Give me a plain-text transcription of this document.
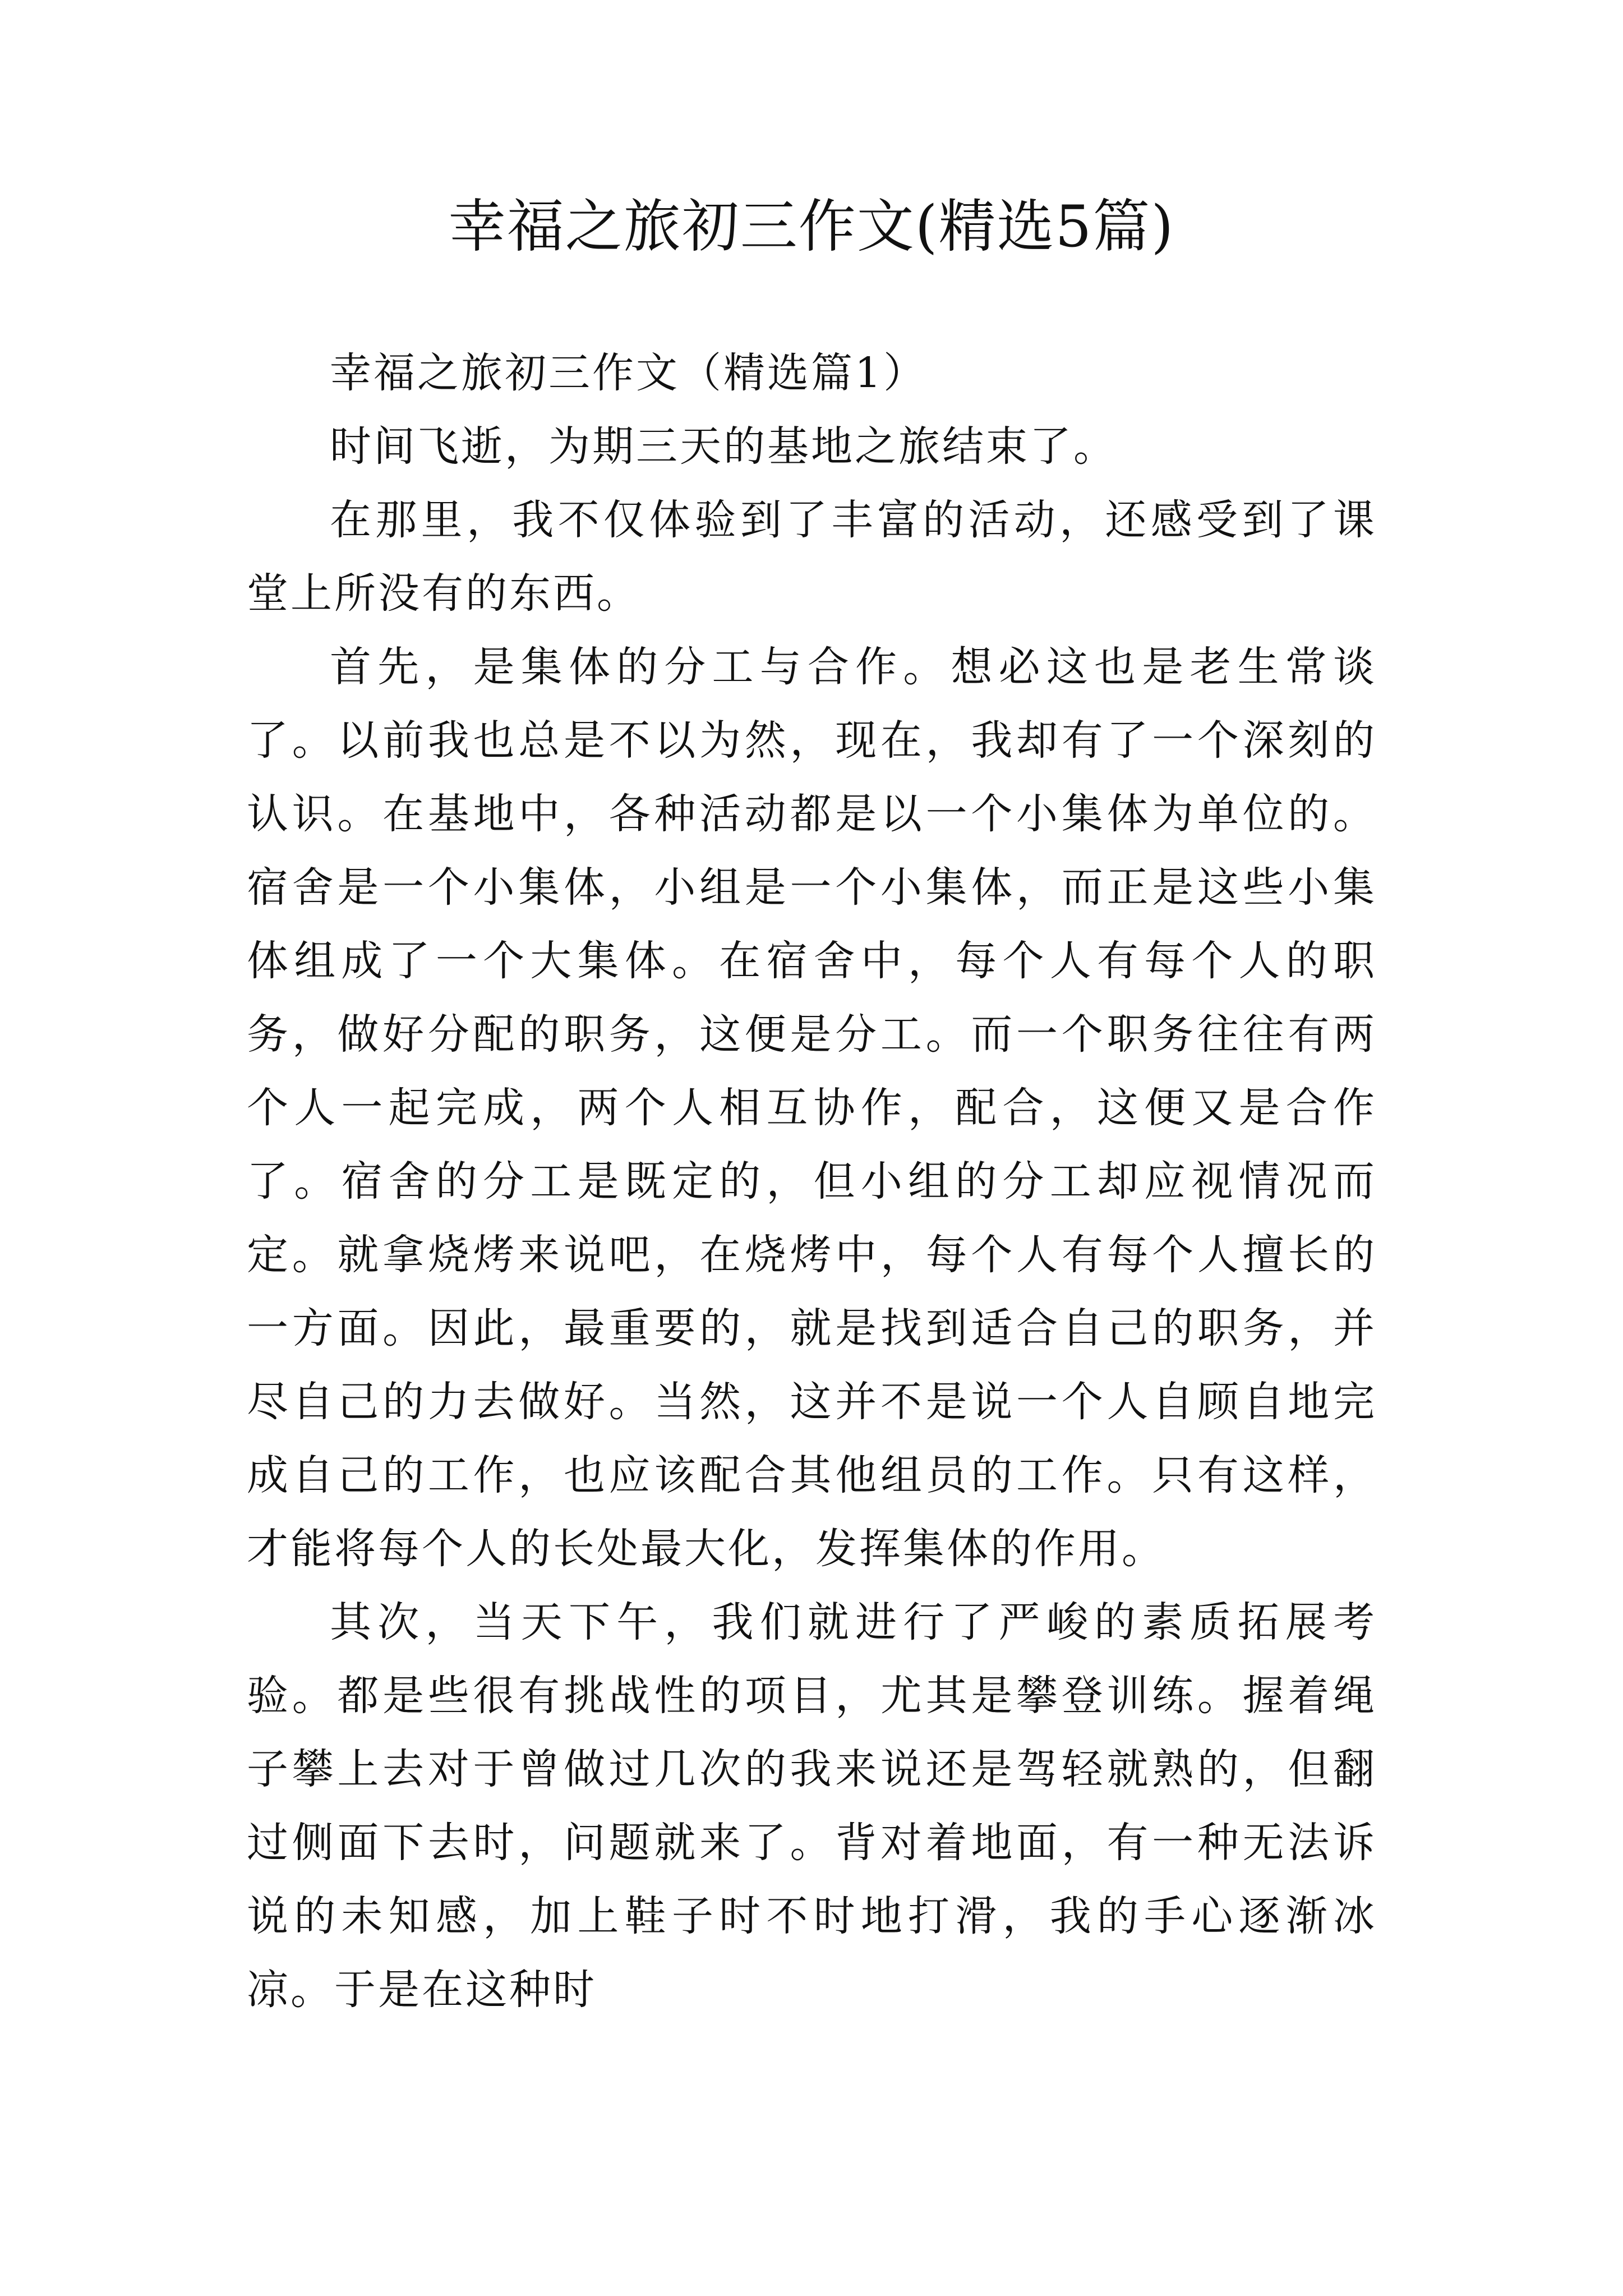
幸福之旅初三作文(精选5篇)

幸福之旅初三作文（精选篇1）

时间飞逝，为期三天的基地之旅结束了。

在那里，我不仅体验到了丰富的活动，还感受到了课堂上所没有的东西。

首先，是集体的分工与合作。想必这也是老生常谈了。以前我也总是不以为然，现在，我却有了一个深刻的认识。在基地中，各种活动都是以一个小集体为单位的。宿舍是一个小集体，小组是一个小集体，而正是这些小集体组成了一个大集体。在宿舍中，每个人有每个人的职务，做好分配的职务，这便是分工。而一个职务往往有两个人一起完成，两个人相互协作，配合，这便又是合作了。宿舍的分工是既定的，但小组的分工却应视情况而定。就拿烧烤来说吧，在烧烤中，每个人有每个人擅长的一方面。因此，最重要的，就是找到适合自己的职务，并尽自己的力去做好。当然，这并不是说一个人自顾自地完成自己的工作，也应该配合其他组员的工作。只有这样，才能将每个人的长处最大化，发挥集体的作用。

其次，当天下午，我们就进行了严峻的素质拓展考验。都是些很有挑战性的项目，尤其是攀登训练。握着绳子攀上去对于曾做过几次的我来说还是驾轻就熟的，但翻过侧面下去时，问题就来了。背对着地面，有一种无法诉说的未知感，加上鞋子时不时地打滑，我的手心逐渐冰凉。于是在这种时
